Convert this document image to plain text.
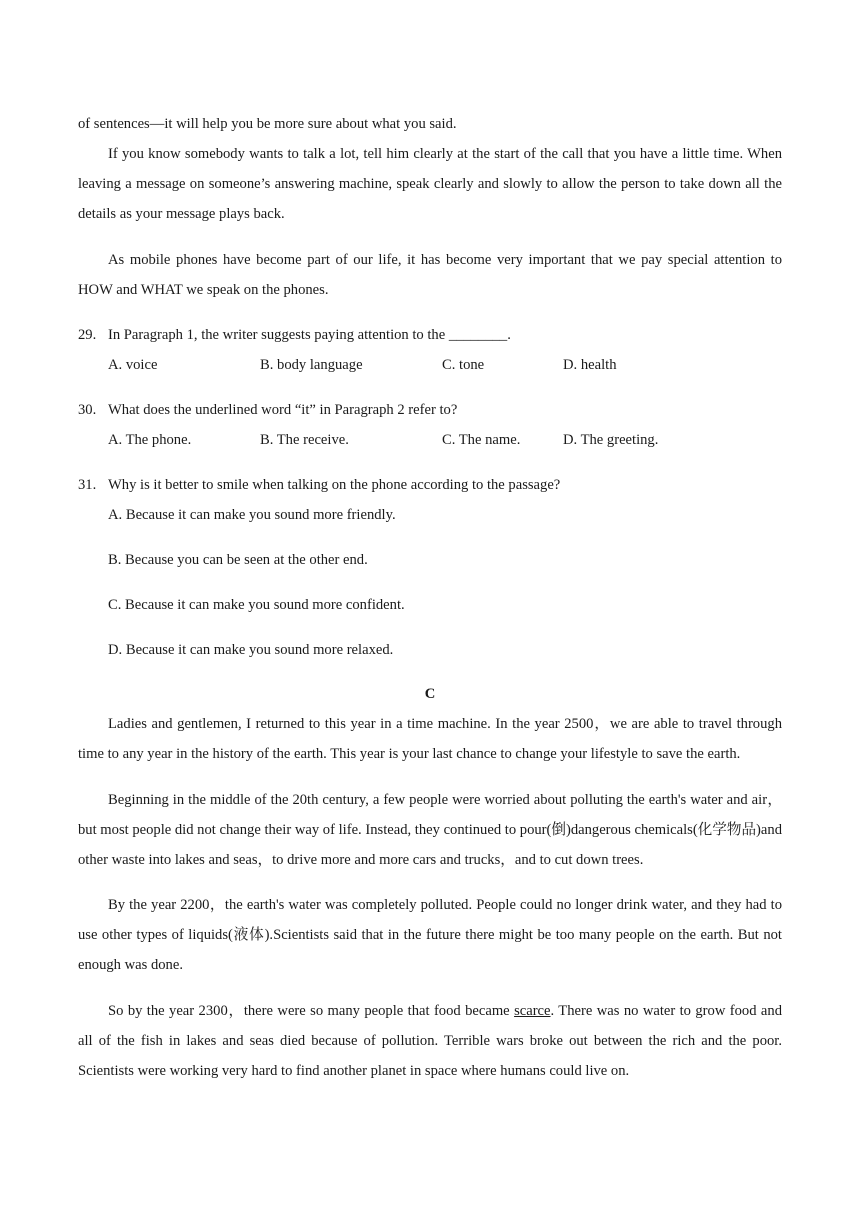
of sentences—it will help you be more sure about what you said.
If you know somebody wants to talk a lot, tell him clearly at the start of the call that you have a little time. When leaving a message on someone’s answering machine, speak clearly and slowly to allow the person to take down all the details as your message plays back.
As mobile phones have become part of our life, it has become very important that we pay special attention to HOW and WHAT we speak on the phones.
29. In Paragraph 1, the writer suggests paying attention to the ________.
A. voice	B. body language	C. tone	D. health
30. What does the underlined word “it” in Paragraph 2 refer to?
A. The phone.	B. The receive.	C. The name.	D. The greeting.
31. Why is it better to smile when talking on the phone according to the passage?
A. Because it can make you sound more friendly.
B. Because you can be seen at the other end.
C. Because it can make you sound more confident.
D. Because it can make you sound more relaxed.
C
Ladies and gentlemen, I returned to this year in a time machine. In the year 2500，we are able to travel through time to any year in the history of the earth. This year is your last chance to change your lifestyle to save the earth.
Beginning in the middle of the 20th century, a few people were worried about polluting the earth's water and air，but most people did not change their way of life. Instead, they continued to pour(倒)dangerous chemicals(化学物品)and other waste into lakes and seas，to drive more and more cars and trucks，and to cut down trees.
By the year 2200，the earth's water was completely polluted. People could no longer drink water, and they had to use other types of liquids(液体).Scientists said that in the future there might be too many people on the earth. But not enough was done.
So by the year 2300，there were so many people that food became scarce. There was no water to grow food and all of the fish in lakes and seas died because of pollution. Terrible wars broke out between the rich and the poor. Scientists were working very hard to find another planet in space where humans could live on.
